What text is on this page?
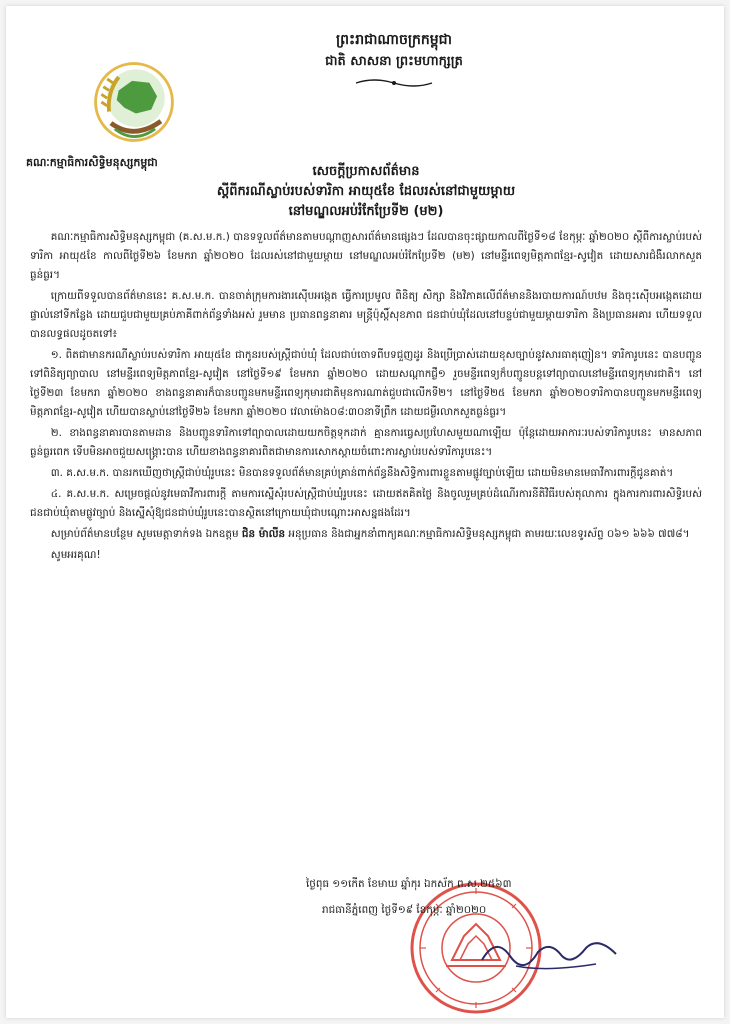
គណៈកម្មាធិការសិទ្ធិមនុស្សកម្ពុជា
ព្រះរាជាណាចក្រកម្ពុជា
ជាតិ សាសនា ព្រះមហាក្សត្រ
សេចក្ដីប្រកាសព័ត៌មាន
ស្ដីពីករណីស្លាប់របស់ទារិកា អាយុ៥ខែ ដែលរស់នៅជាមួយម្ដាយ
នៅមណ្ឌលអប់រំកែប្រែទី២ (ម២)

គណៈកម្មាធិការសិទ្ធិមនុស្សកម្ពុជា (គ.ស.ម.ក.) បានទទួលព័ត៌មានតាមបណ្ដាញសារព័ត៌មានផ្សេងៗ ដែលបានចុះផ្សាយកាលពីថ្ងៃទី១៨ ខែកុម្ភៈ ឆ្នាំ២០២០ ស្ដីពីការស្លាប់របស់ទារិកា អាយុ៥ខែ កាលពីថ្ងៃទី២៦ ខែមករា ឆ្នាំ២០២០ ដែលរស់នៅជាមួយម្ដាយ នៅមណ្ឌលអប់រំកែប្រែទី២ (ម២) នៅមន្ទីរពេទ្យមិត្តភាពខ្មែរ-សូវៀត ដោយសារជំងឺរលាកសួតធ្ងន់ធ្ងរ។

ក្រោយពីទទួលបានព័ត៌មាននេះ គ.ស.ម.ក. បានចាត់ក្រុមការងារស៊ើបអង្កេត ធ្វើការប្រមូល ពិនិត្យ សិក្សា និងវិភាគលើព័ត៌មាននិងរបាយការណ៍បឋម និងចុះស៊ើបអង្កេតដោយផ្ទាល់នៅទីកន្លែង ដោយជួបជាមួយគ្រប់ភាគីពាក់ព័ន្ធទាំងអស់ រួមមាន ប្រធានពន្ធនាគារ មន្ត្រីប៉ុស្ដិ៍សុខភាព ជនជាប់ឃុំដែលនៅបន្ទប់ជាមួយម្ដាយទារិកា និងប្រធានអគារ ហើយទទួលបានលទ្ធផលដូចតទៅ៖

១. ពិតជាមានករណីស្លាប់របស់ទារិកា អាយុ៥ខែ ជាកូនរបស់ស្ត្រីជាប់ឃុំ ដែលជាប់ចោទពីបទជួញដូរ និងប្រើប្រាស់ដោយខុសច្បាប់នូវសារធាតុញៀន។ ទារិការូបនេះ បានបញ្ជូនទៅពិនិត្យព្យាបាល នៅមន្ទីរពេទ្យមិត្តភាពខ្មែរ-សូវៀត នៅថ្ងៃទី១៩ ខែមករា ឆ្នាំ២០២០ ដោយសណ្ដាកជ្ងឺ១ រួចមន្ទីរពេទ្យក៏បញ្ជូនបន្តទៅព្យាបាលនៅមន្ទីរពេទ្យកុមារជាតិ។ នៅថ្ងៃទី២៣ ខែមករា ឆ្នាំ២០២០ ខាងពន្ធនាគារក៏បានបញ្ជូនមកមន្ទីរពេទ្យកុមារជាតិមុនការណាត់ជួបជាលើកទី២។ នៅថ្ងៃទី២៥ ខែមករា ឆ្នាំ២០២០ទារិកាបានបញ្ជូនមកមន្ទីរពេទ្យមិត្តភាពខ្មែរ-សូវៀត ហើយបានស្លាប់នៅថ្ងៃទី២៦ ខែមករា ឆ្នាំ២០២០ វេលាម៉ោង០៨:៣០នាទីព្រឹក ដោយជម្ងឺរលាកសួតធ្ងន់ធ្ងរ។

២. ខាងពន្ធនាគារបានតាមដាន និងបញ្ជូនទារិកាទៅព្យាបាលដោយយកចិត្តទុកដាក់ គ្មានការធ្វេសប្រហែសមួយណាឡើយ ប៉ុន្តែដោយអាការៈរបស់ទារិការូបនេះ មានសភាពធ្ងន់ធ្ងរពេក ទើបមិនអាចជួយសង្គ្រោះបាន ហើយខាងពន្ធនាគារពិតជាមានការសោកស្ដាយចំពោះការស្លាប់របស់ទារិការូបនេះ។

៣. គ.ស.ម.ក. បានរកឃើញថាស្ត្រីជាប់ឃុំរូបនេះ មិនបានទទួលព័ត៌មានគ្រប់គ្រាន់ពាក់ព័ន្ធនឹងសិទ្ធិការពារខ្លួនតាមផ្លូវច្បាប់ឡើយ ដោយមិនមានមេធាវីការពារក្ដីជូនគាត់។

៤. គ.ស.ម.ក. សម្រេចផ្ដល់នូវមេធាវីការពារក្ដី តាមការស្នើសុំរបស់ស្ត្រីជាប់ឃុំរូបនេះ ដោយឥតគិតថ្លៃ និងចូលរួមគ្រប់ដំណើរការនីតិវិធីរបស់តុលាការ ក្នុងការការពារសិទ្ធិរបស់ជនជាប់ឃុំតាមផ្លូវច្បាប់ និងស្នើសុំឱ្យជនជាប់ឃុំរូបនេះបានស្ថិតនៅក្រោយឃុំជាបណ្ដោះអាសន្នផងដែរ។

សម្រាប់ព័ត៌មានបន្ថែម សូមមេត្តាទាក់ទង ឯកឧត្ដម ជិន ម៉ាលីន អនុប្រធាន និងជាអ្នកនាំពាក្យគណៈកម្មាធិការសិទ្ធិមនុស្សកម្ពុជា តាមរយៈលេខទូរស័ព្ទ ០៦១ ៦៦៦ ៧៧៨។

សូមអរគុណ!

ថ្ងៃពុធ ១១កើត ខែមាឃ ឆ្នាំកុរ ឯកស័ក ព.ស.២៥៦៣
រាជធានីភ្នំពេញ ថ្ងៃទី១៩ ខែកុម្ភៈ ឆ្នាំ២០២០
